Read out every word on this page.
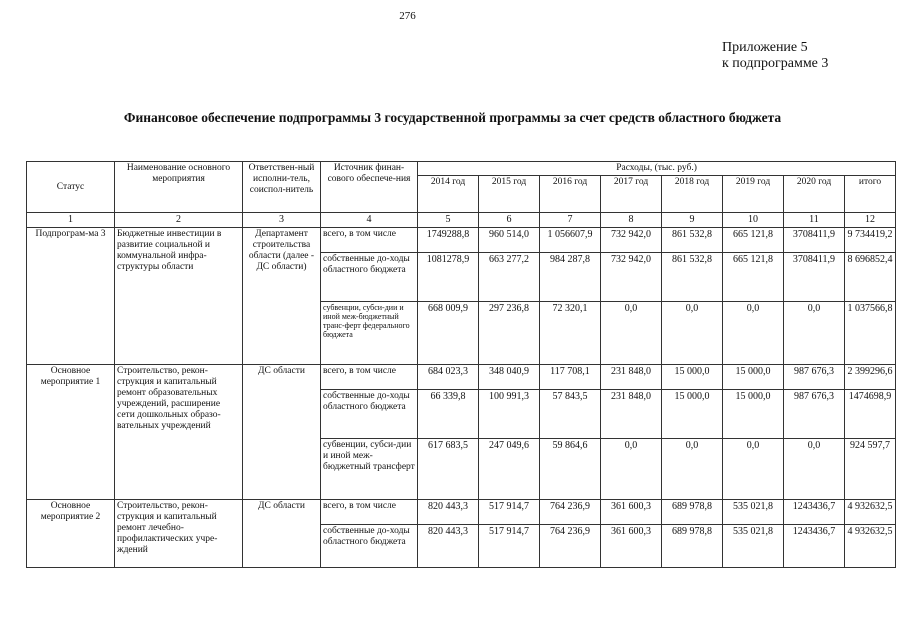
276
Приложение 5
к подпрограмме 3
Финансовое обеспечение подпрограммы 3 государственной программы за счет средств областного бюджета
Статус	Наименование основного мероприятия	Ответствен-ный исполни-тель, соиспол-нитель	Источник финан-сового обеспече-ния	Расходы, (тыс. руб.)							
				2014 год	2015 год	2016 год	2017 год	2018 год	2019 год	2020 год	итого
1	2	3	4	5	6	7	8	9	10	11	12
Подпрограм-ма 3	Бюджетные инвестиции в развитие социальной и коммунальной инфра-структуры области	Департамент строительства области (далее - ДС области)	всего, в том числе	1749288,8	960 514,0	1 056607,9	732 942,0	861 532,8	665 121,8	3708411,9	9 734419,2
			собственные до-ходы областного бюджета	1081278,9	663 277,2	984 287,8	732 942,0	861 532,8	665 121,8	3708411,9	8 696852,4
			субвенции, субси-дии и иной меж-бюджетный транс-ферт федерального бюджета	668 009,9	297 236,8	72 320,1	0,0	0,0	0,0	0,0	1 037566,8
Основное мероприятие 1	Строительство, рекон-струкция и капитальный ремонт образовательных учреждений, расширение сети дошкольных образо-вательных учреждений	ДС области	всего, в том числе	684 023,3	348 040,9	117 708,1	231 848,0	15 000,0	15 000,0	987 676,3	2 399296,6
			собственные до-ходы областного бюджета	66 339,8	100 991,3	57 843,5	231 848,0	15 000,0	15 000,0	987 676,3	1474698,9
			субвенции, субси-дии и иной меж-бюджетный трансферт	617 683,5	247 049,6	59 864,6	0,0	0,0	0,0	0,0	924 597,7
Основное мероприятие 2	Строительство, рекон-струкция и капитальный ремонт лечебно-профилактических учре-ждений	ДС области	всего, в том числе	820 443,3	517 914,7	764 236,9	361 600,3	689 978,8	535 021,8	1243436,7	4 932632,5
			собственные до-ходы областного бюджета	820 443,3	517 914,7	764 236,9	361 600,3	689 978,8	535 021,8	1243436,7	4 932632,5
